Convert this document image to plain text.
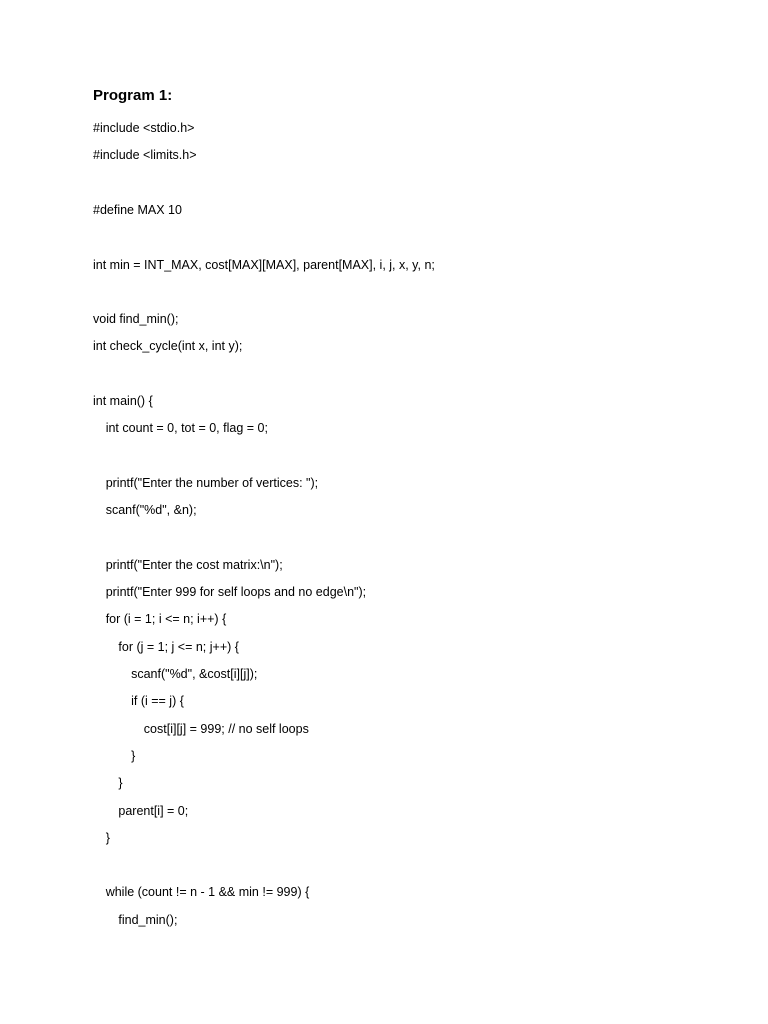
Program 1:
#include <stdio.h>
#include <limits.h>
#define MAX 10
int min = INT_MAX, cost[MAX][MAX], parent[MAX], i, j, x, y, n;
void find_min();
int check_cycle(int x, int y);
int main() {
int count = 0, tot = 0, flag = 0;
printf("Enter the number of vertices: ");
scanf("%d", &n);
printf("Enter the cost matrix:\n");
printf("Enter 999 for self loops and no edge\n");
for (i = 1; i <= n; i++) {
for (j = 1; j <= n; j++) {
scanf("%d", &cost[i][j]);
if (i == j) {
cost[i][j] = 999; // no self loops
}
}
parent[i] = 0;
}
while (count != n - 1 && min != 999) {
find_min();
